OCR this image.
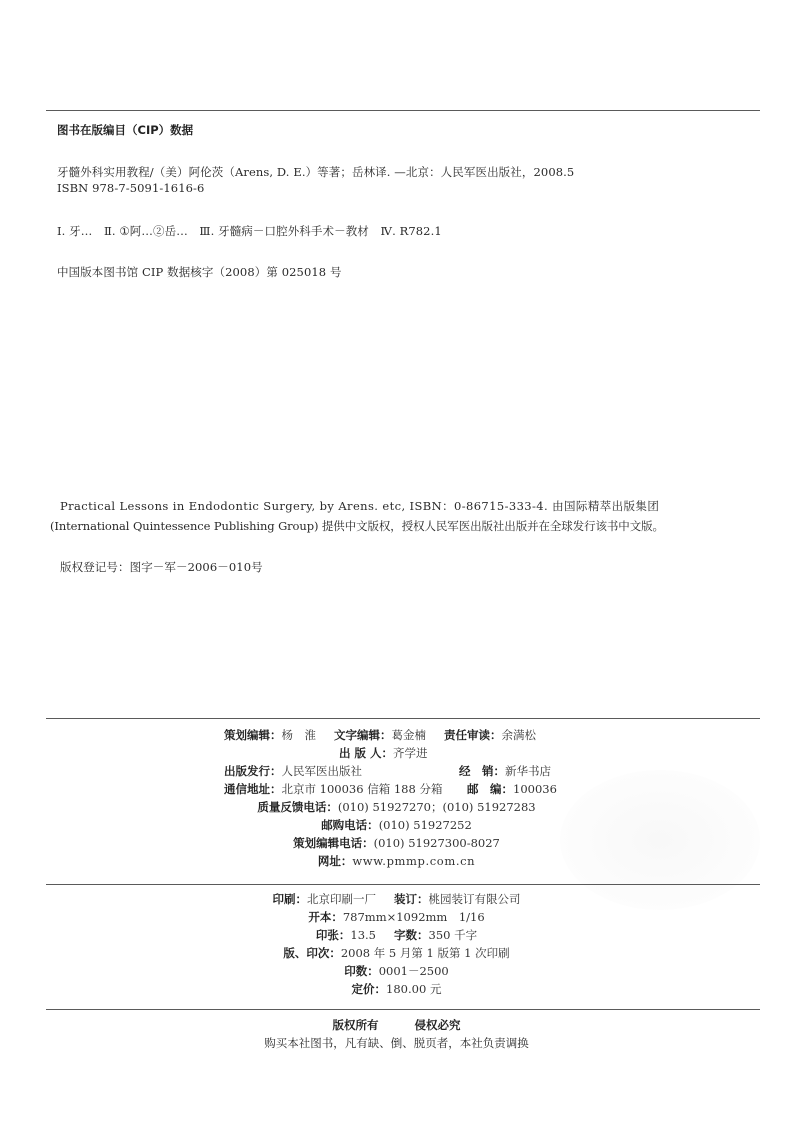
图书在版编目（CIP）数据
牙髓外科实用教程/（美）阿伦茨（Arens, D. E.）等著；岳林译. —北京：人民军医出版社，2008.5
ISBN 978-7-5091-1616-6
Ⅰ. 牙…　Ⅱ. ①阿…②岳…　Ⅲ. 牙髓病－口腔外科手术－教材　Ⅳ. R782.1
中国版本图书馆 CIP 数据核字（2008）第 025018 号
Practical Lessons in Endodontic Surgery, by Arens. etc, ISBN：0-86715-333-4. 由国际精萃出版集团
(International Quintessence Publishing Group) 提供中文版权，授权人民军医出版社出版并在全球发行该书中文版。
版权登记号：图字－军－2006－010号
策划编辑：杨　淮 文字编辑：葛金楠 责任审读：余满松
出 版 人：齐学进
出版发行：人民军医出版社	经　销：新华书店
通信地址：北京市 100036 信箱 188 分箱 邮　编：100036
质量反馈电话：(010) 51927270；(010) 51927283
邮购电话：(010) 51927252
策划编辑电话：(010) 51927300-8027
网址：www.pmmp.com.cn
印刷：北京印刷一厂 装订：桃园装订有限公司
开本：787mm×1092mm　1/16
印张：13.5 字数：350 千字
版、印次：2008 年 5 月第 1 版第 1 次印刷
印数：0001－2500
定价：180.00 元
版权所有	侵权必究
购买本社图书，凡有缺、倒、脱页者，本社负责调换
